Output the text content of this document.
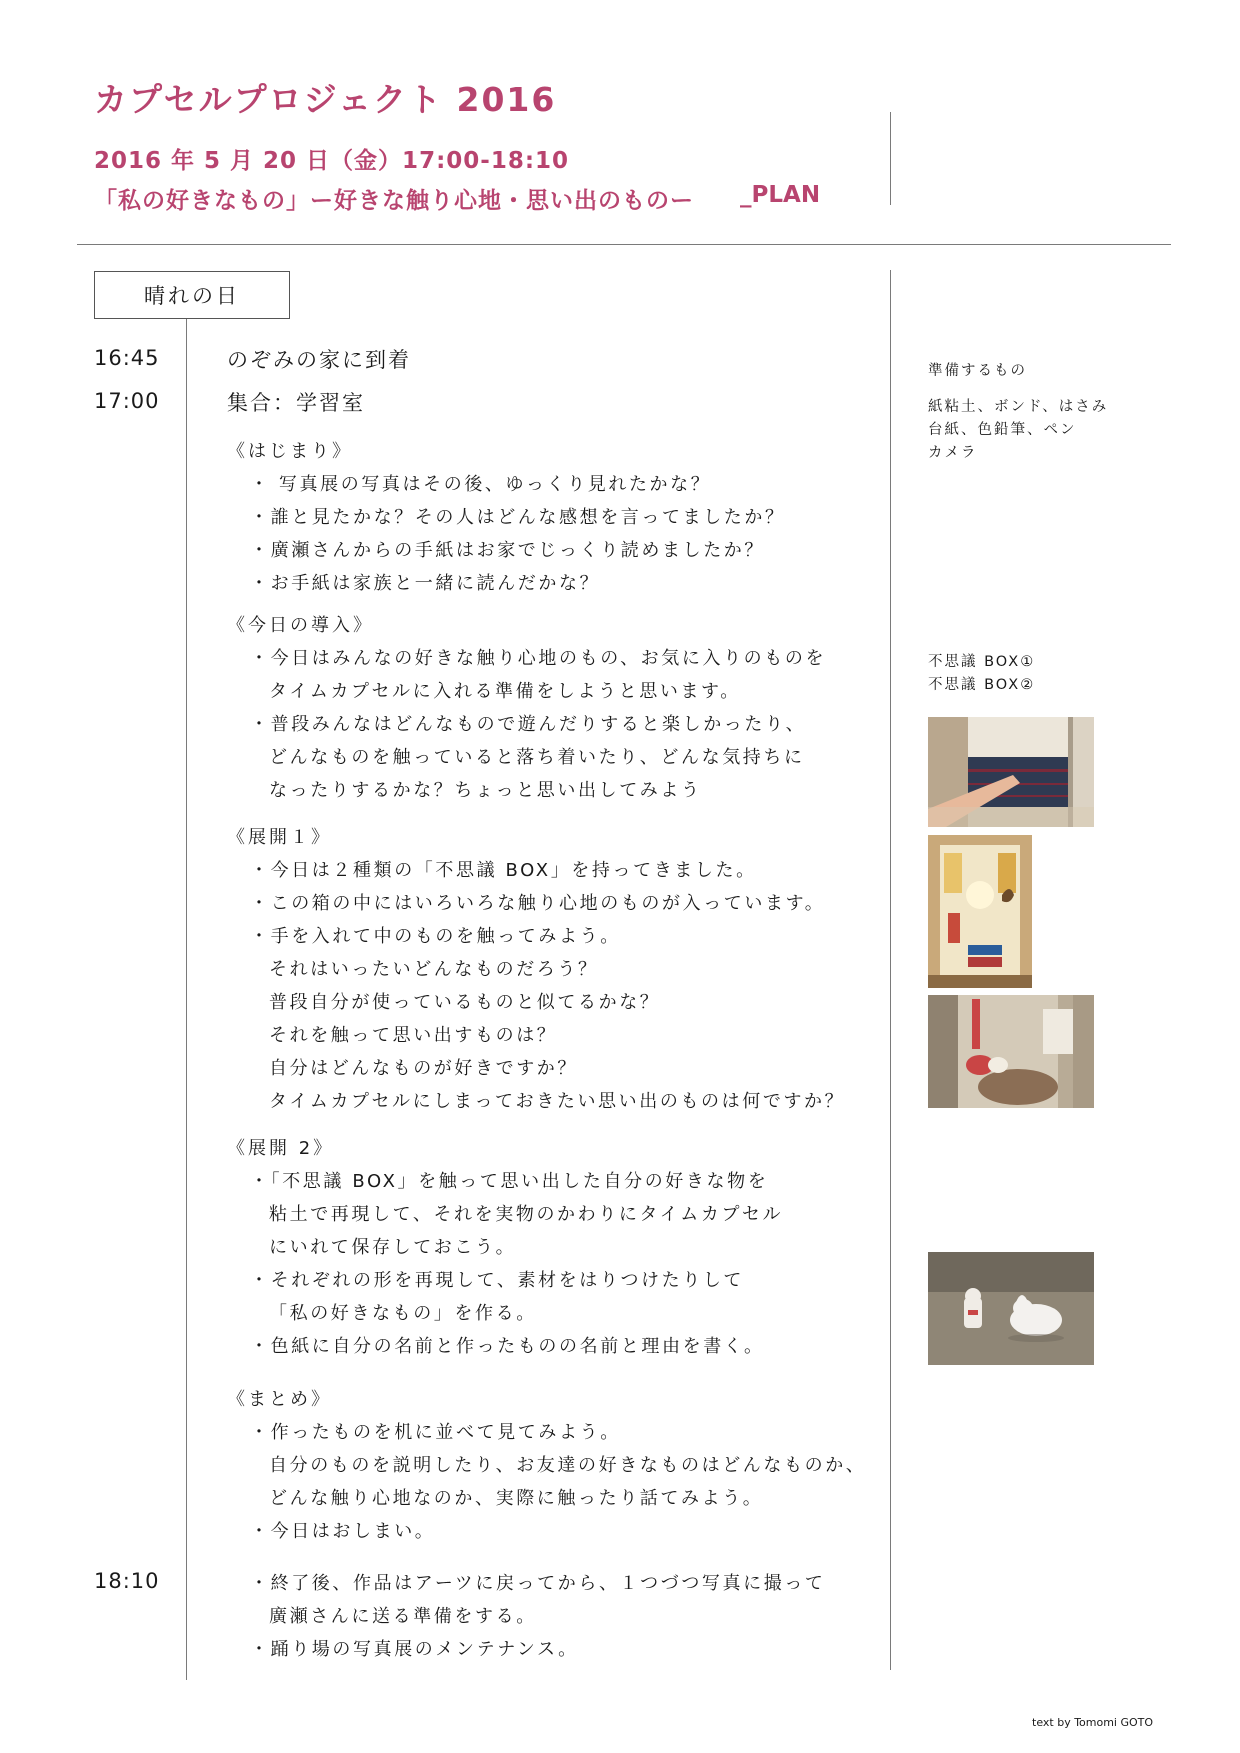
カプセルプロジェクト 2016
2016 年 5 月 20 日（金）17:00-18:10
「私の好きなもの」ー好きな触り心地・思い出のものー _PLAN
晴れの日
16:45	のぞみの家に到着
17:00	集合：学習室
《はじまり》
・ 写真展の写真はその後、ゆっくり見れたかな？
・誰と見たかな？その人はどんな感想を言ってましたか？
・廣瀬さんからの手紙はお家でじっくり読めましたか？
・お手紙は家族と一緒に読んだかな？
《今日の導入》
・今日はみんなの好きな触り心地のもの、お気に入りのものを
タイムカプセルに入れる準備をしようと思います。
・普段みんなはどんなもので遊んだりすると楽しかったり、
どんなものを触っていると落ち着いたり、どんな気持ちに
なったりするかな？ちょっと思い出してみよう
《展開１》
・今日は２種類の「不思議 BOX」を持ってきました。
・この箱の中にはいろいろな触り心地のものが入っています。
・手を入れて中のものを触ってみよう。
それはいったいどんなものだろう？
普段自分が使っているものと似てるかな？
それを触って思い出すものは？
自分はどんなものが好きですか？
タイムカプセルにしまっておきたい思い出のものは何ですか？
《展開 2》
・「不思議 BOX」を触って思い出した自分の好きな物を
粘土で再現して、それを実物のかわりにタイムカプセル
にいれて保存しておこう。
・それぞれの形を再現して、素材をはりつけたりして
「私の好きなもの」を作る。
・色紙に自分の名前と作ったものの名前と理由を書く。
《まとめ》
・作ったものを机に並べて見てみよう。
自分のものを説明したり、お友達の好きなものはどんなものか、
どんな触り心地なのか、実際に触ったり話てみよう。
・今日はおしまい。
18:10	・終了後、作品はアーツに戻ってから、１つづつ写真に撮って
廣瀬さんに送る準備をする。
・踊り場の写真展のメンテナンス。
準備するもの
紙粘土、ボンド、はさみ
台紙、色鉛筆、ペン
カメラ
不思議 BOX①
不思議 BOX②
text by Tomomi GOTO
